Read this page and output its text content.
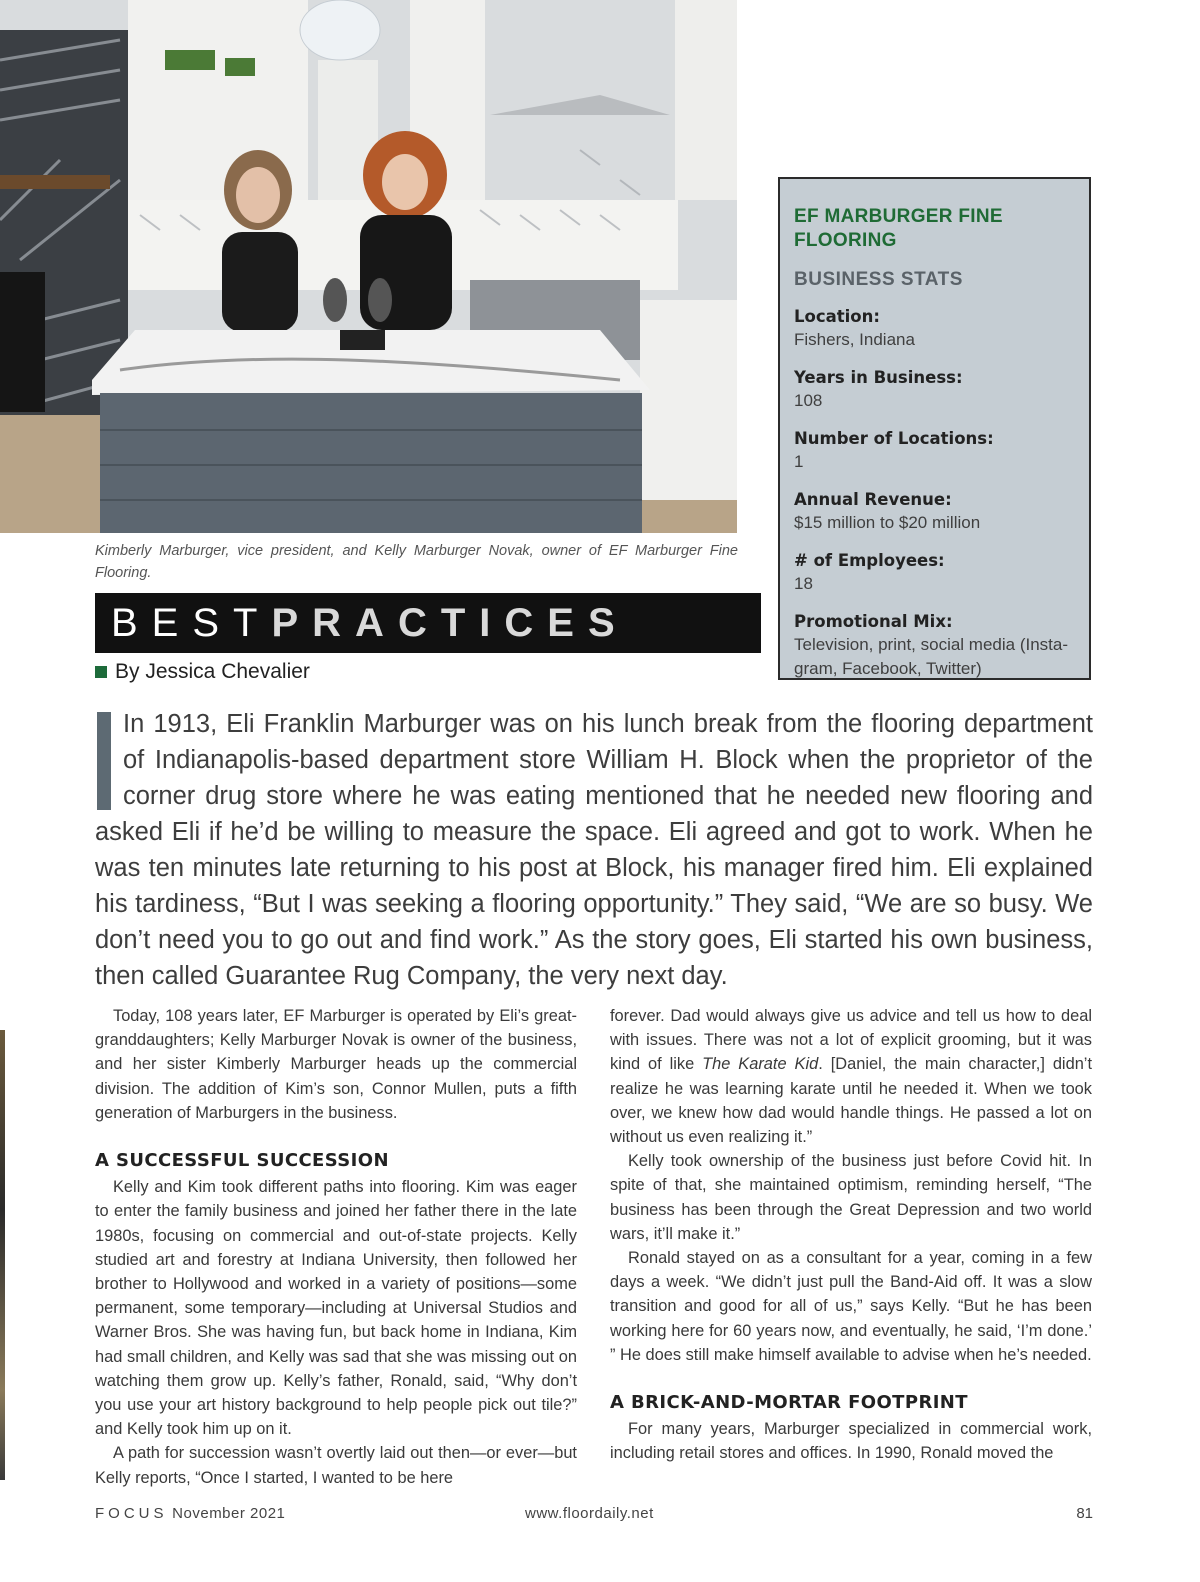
Kimberly Marburger, vice president, and Kelly Marburger Novak, owner of EF Marburger Fine Flooring.
BEST PRACTICES
By Jessica Chevalier
EF MARBURGER FINE FLOORING
BUSINESS STATS
Location:
Fishers, Indiana
Years in Business:
108
Number of Locations:
1
Annual Revenue:
$15 million to $20 million
# of Employees:
18
Promotional Mix:
Television, print, social media (Insta-gram, Facebook, Twitter)
In 1913, Eli Franklin Marburger was on his lunch break from the flooring department of Indianapolis-based department store William H. Block when the proprietor of the corner drug store where he was eating mentioned that he needed new flooring and asked Eli if he’d be willing to measure the space. Eli agreed and got to work. When he was ten minutes late returning to his post at Block, his manager fired him. Eli explained his tardiness, “But I was seeking a flooring opportunity.” They said, “We are so busy. We don’t need you to go out and find work.” As the story goes, Eli started his own business, then called Guarantee Rug Company, the very next day.

Today, 108 years later, EF Marburger is operated by Eli’s great-granddaughters; Kelly Marburger Novak is owner of the business, and her sister Kimberly Marburger heads up the commercial division. The addition of Kim’s son, Connor Mullen, puts a fifth generation of Marburgers in the business.

A SUCCESSFUL SUCCESSION

Kelly and Kim took different paths into flooring. Kim was eager to enter the family business and joined her father there in the late 1980s, focusing on commercial and out-of-state projects. Kelly studied art and forestry at Indiana University, then followed her brother to Hollywood and worked in a variety of positions—some permanent, some temporary—including at Universal Studios and Warner Bros. She was having fun, but back home in Indiana, Kim had small children, and Kelly was sad that she was missing out on watching them grow up. Kelly’s father, Ronald, said, “Why don’t you use your art history background to help people pick out tile?” and Kelly took him up on it.

A path for succession wasn’t overtly laid out then—or ever—but Kelly reports, “Once I started, I wanted to be here

forever. Dad would always give us advice and tell us how to deal with issues. There was not a lot of explicit grooming, but it was kind of like The Karate Kid. [Daniel, the main character,] didn’t realize he was learning karate until he needed it. When we took over, we knew how dad would handle things. He passed a lot on without us even realizing it.”

Kelly took ownership of the business just before Covid hit. In spite of that, she maintained optimism, reminding herself, “The business has been through the Great Depression and two world wars, it’ll make it.”

Ronald stayed on as a consultant for a year, coming in a few days a week. “We didn’t just pull the Band-Aid off. It was a slow transition and good for all of us,” says Kelly. “But he has been working here for 60 years now, and eventually, he said, ‘I’m done.’ ” He does still make himself available to advise when he’s needed.

A BRICK-AND-MORTAR FOOTPRINT

For many years, Marburger specialized in commercial work, including retail stores and offices. In 1990, Ronald moved the

FOCUS November 2021	www.floordaily.net	81
